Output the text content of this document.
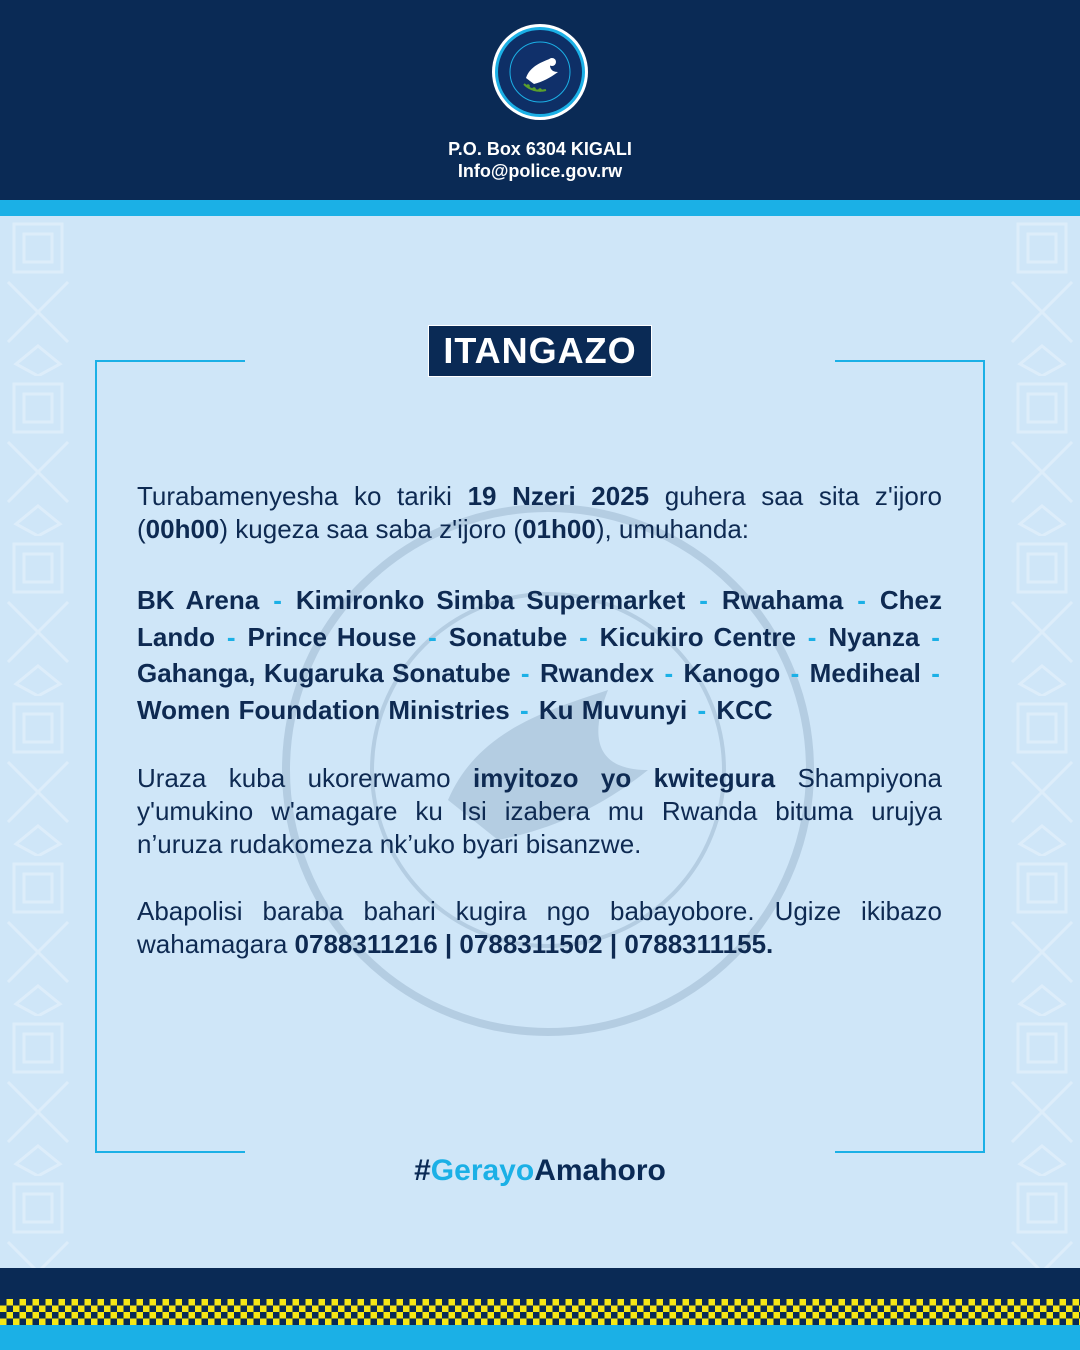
P.O. Box 6304 KIGALI
Info@police.gov.rw
ITANGAZO

Turabamenyesha ko tariki 19 Nzeri 2025 guhera saa sita z'ijoro (00h00) kugeza saa saba z'ijoro (01h00), umuhanda:

BK Arena - Kimironko Simba Supermarket - Rwahama - Chez Lando - Prince House - Sonatube - Kicukiro Centre - Nyanza - Gahanga, Kugaruka Sonatube - Rwandex - Kanogo - Mediheal - Women Foundation Ministries - Ku Muvunyi - KCC

Uraza kuba ukorerwamo imyitozo yo kwitegura Shampiyona y'umukino w'amagare ku Isi izabera mu Rwanda bituma urujya n’uruza rudakomeza nk’uko byari bisanzwe.

Abapolisi baraba bahari kugira ngo babayobore. Ugize ikibazo wahamagara 0788311216 | 0788311502 | 0788311155.

#GerayoAmahoro
